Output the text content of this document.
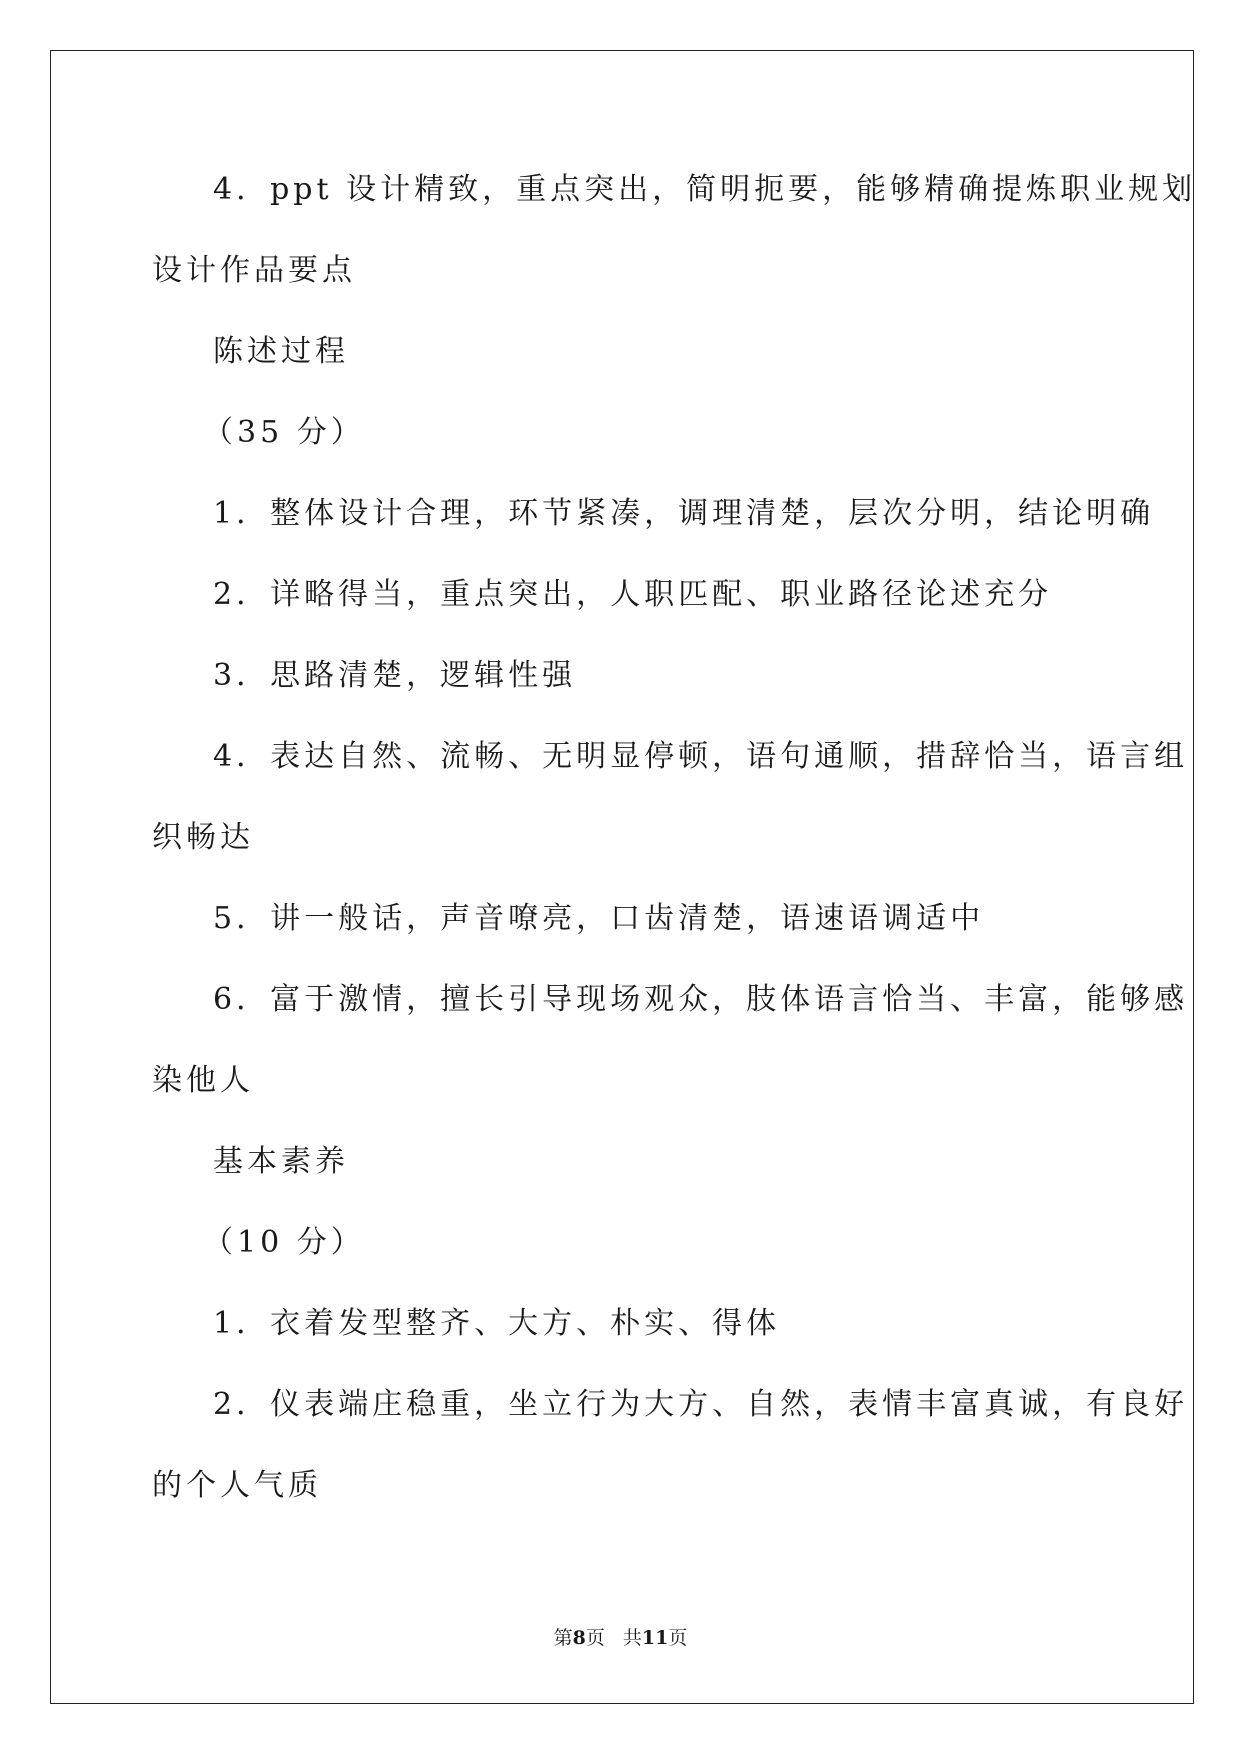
4．ppt 设计精致，重点突出，简明扼要，能够精确提炼职业规划
设计作品要点
陈述过程
（35 分）
1．整体设计合理，环节紧凑，调理清楚，层次分明，结论明确
2．详略得当，重点突出，人职匹配、职业路径论述充分
3．思路清楚，逻辑性强
4．表达自然、流畅、无明显停顿，语句通顺，措辞恰当，语言组
织畅达
5．讲一般话，声音嘹亮，口齿清楚，语速语调适中
6．富于激情，擅长引导现场观众，肢体语言恰当、丰富，能够感
染他人
基本素养
（10 分）
1．衣着发型整齐、大方、朴实、得体
2．仪表端庄稳重，坐立行为大方、自然，表情丰富真诚，有良好
的个人气质
第8页 共11页
